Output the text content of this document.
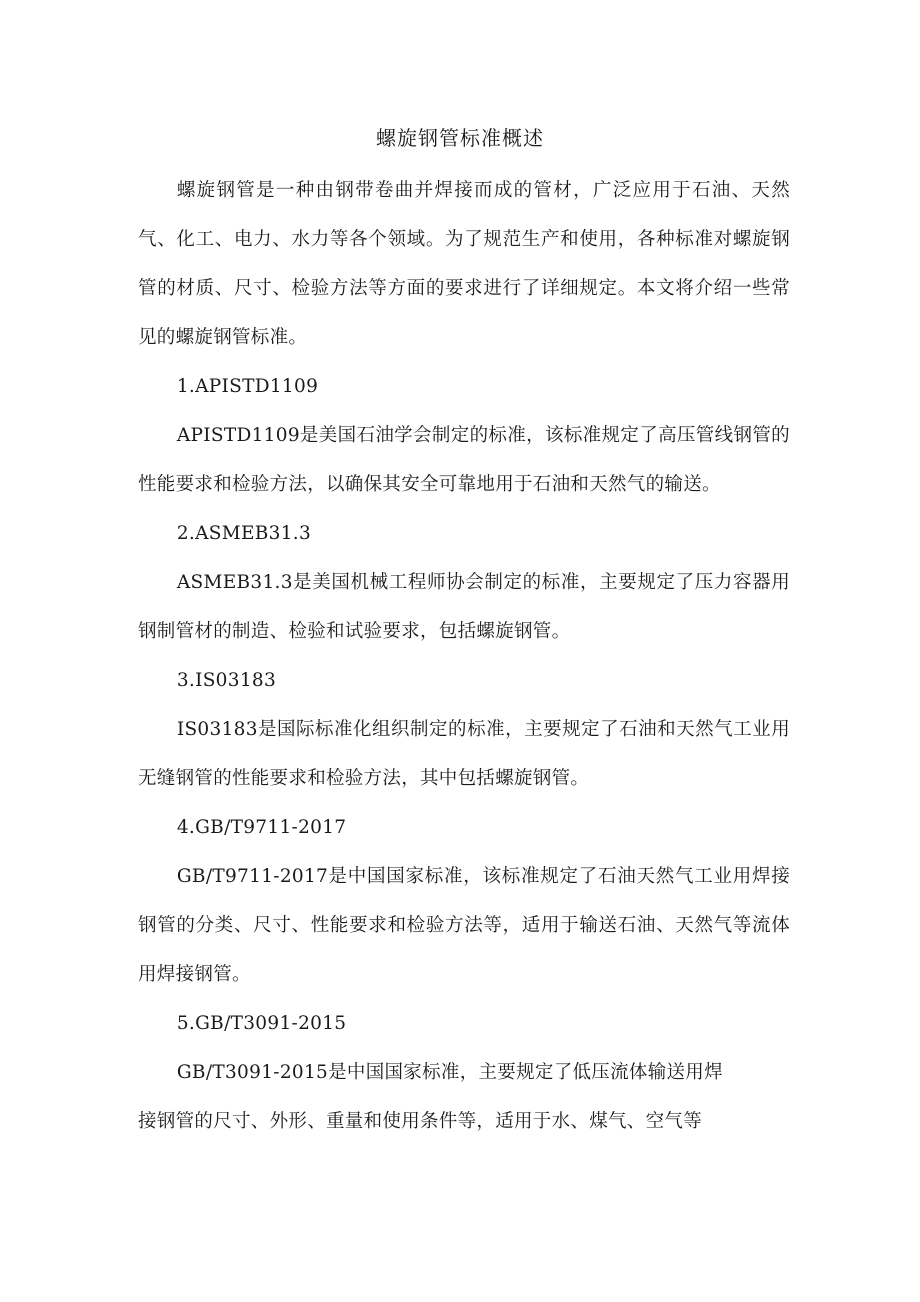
螺旋钢管标准概述

螺旋钢管是一种由钢带卷曲并焊接而成的管材，广泛应用于石油、天然气、化工、电力、水力等各个领域。为了规范生产和使用，各种标准对螺旋钢管的材质、尺寸、检验方法等方面的要求进行了详细规定。本文将介绍一些常见的螺旋钢管标准。

1.APISTD1109

APISTD1109是美国石油学会制定的标准，该标准规定了高压管线钢管的性能要求和检验方法，以确保其安全可靠地用于石油和天然气的输送。

2.ASMEB31.3

ASMEB31.3是美国机械工程师协会制定的标准，主要规定了压力容器用钢制管材的制造、检验和试验要求，包括螺旋钢管。

3.IS03183

IS03183是国际标准化组织制定的标准，主要规定了石油和天然气工业用无缝钢管的性能要求和检验方法，其中包括螺旋钢管。

4.GB/T9711-2017

GB/T9711-2017是中国国家标准，该标准规定了石油天然气工业用焊接钢管的分类、尺寸、性能要求和检验方法等，适用于输送石油、天然气等流体用焊接钢管。

5.GB/T3091-2015

GB/T3091-2015是中国国家标准，主要规定了低压流体输送用焊

接钢管的尺寸、外形、重量和使用条件等，适用于水、煤气、空气等
